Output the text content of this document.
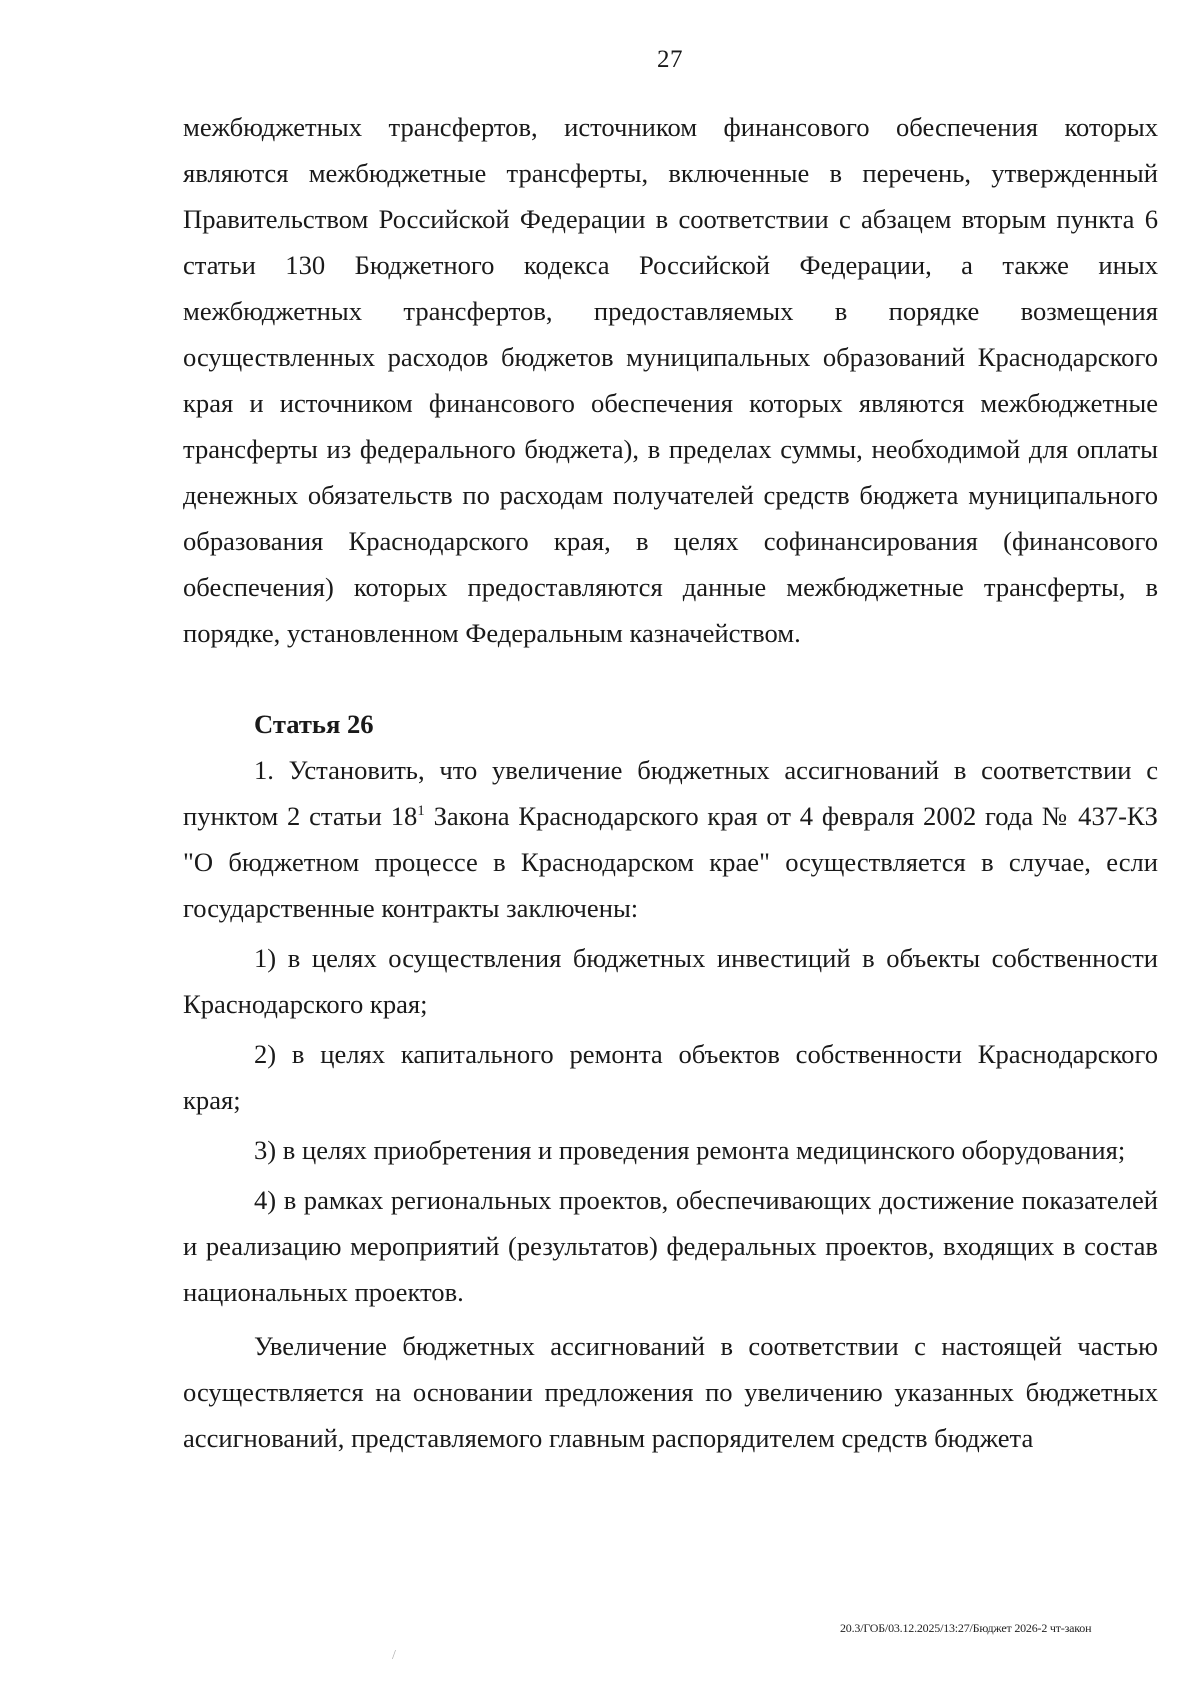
27

межбюджетных трансфертов, источником финансового обеспечения которых являются межбюджетные трансферты, включенные в перечень, утвержденный Правительством Российской Федерации в соответствии с абзацем вторым пункта 6 статьи 130 Бюджетного кодекса Российской Федерации, а также иных межбюджетных трансфертов, предоставляемых в порядке возмещения осуществленных расходов бюджетов муниципальных образований Краснодарского края и источником финансового обеспечения которых являются межбюджетные трансферты из федерального бюджета), в пределах суммы, необходимой для оплаты денежных обязательств по расходам получателей средств бюджета муниципального образования Краснодарского края, в целях софинансирования (финансового обеспечения) которых предоставляются данные межбюджетные трансферты, в порядке, установленном Федеральным казначейством.

Статья 26

1. Установить, что увеличение бюджетных ассигнований в соответствии с пунктом 2 статьи $18^1$ Закона Краснодарского края от 4 февраля 2002 года № 437-КЗ "О бюджетном процессе в Краснодарском крае" осуществляется в случае, если государственные контракты заключены:

1) в целях осуществления бюджетных инвестиций в объекты собственности Краснодарского края;

2) в целях капитального ремонта объектов собственности Краснодарского края;

3) в целях приобретения и проведения ремонта медицинского оборудования;

4) в рамках региональных проектов, обеспечивающих достижение показателей и реализацию мероприятий (результатов) федеральных проектов, входящих в состав национальных проектов.

Увеличение бюджетных ассигнований в соответствии с настоящей частью осуществляется на основании предложения по увеличению указанных бюджетных ассигнований, представляемого главным распорядителем средств бюджета

20.3/ГОБ/03.12.2025/13:27/Бюджет 2026-2 чт-закон
/
